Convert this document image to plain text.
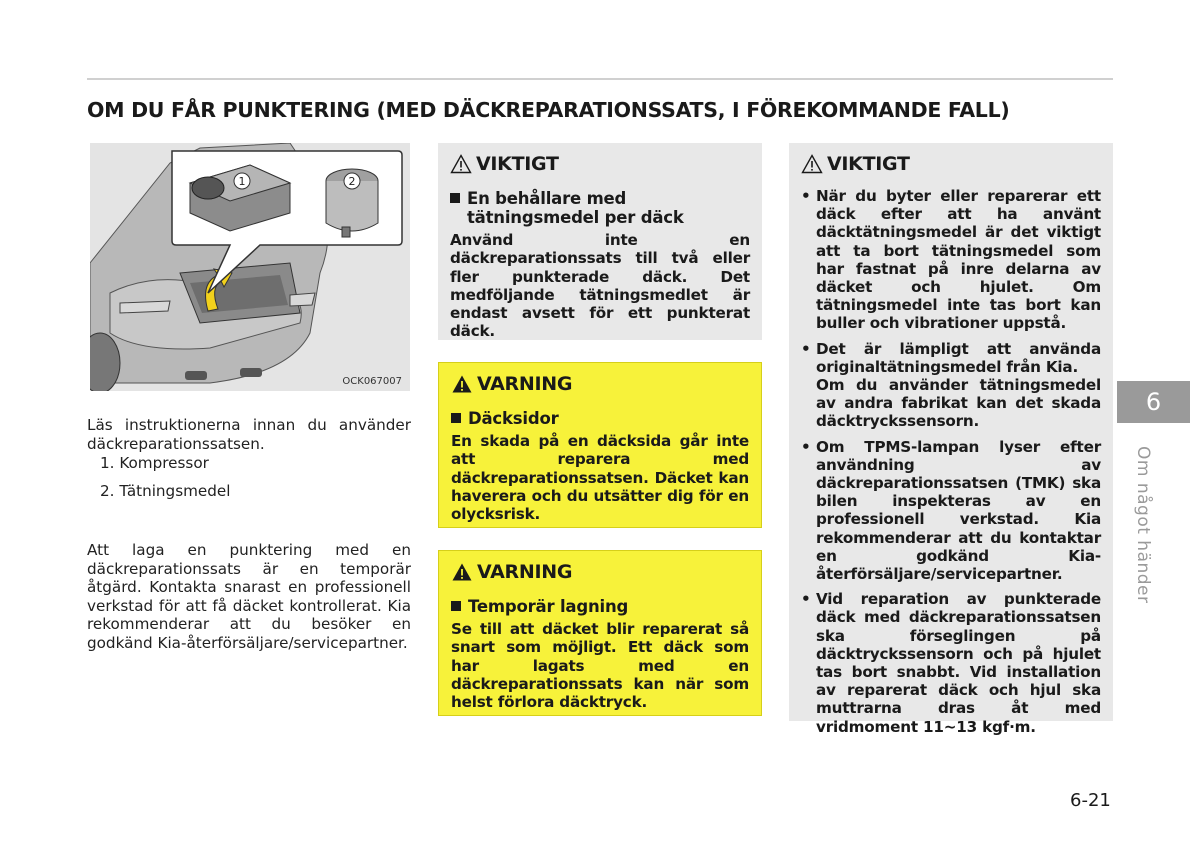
OM DU FÅR PUNKTERING (MED DÄCKREPARATIONSSATS, I FÖREKOMMANDE FALL)
1	2
OCK067007
Läs instruktionerna innan du använder däckreparationssatsen.
1. Kompressor
2. Tätningsmedel
Att laga en punktering med en däckreparationssats är en temporär åtgärd. Kontakta snarast en professionell verkstad för att få däcket kontrollerat. Kia rekommenderar att du besöker en godkänd Kia-återförsäljare/servicepartner.
VIKTIGT
En behållare med tätningsmedel per däck
Använd inte en däckreparationssats till två eller fler punkterade däck. Det medföljande tätningsmedlet är endast avsett för ett punkterat däck.
VARNING
Däcksidor
En skada på en däcksida går inte att reparera med däckreparationssatsen. Däcket kan haverera och du utsätter dig för en olycksrisk.
VARNING
Temporär lagning
Se till att däcket blir reparerat så snart som möjligt. Ett däck som har lagats med en däckreparationssats kan när som helst förlora däcktryck.
VIKTIGT
• När du byter eller reparerar ett däck efter att ha använt däcktätningsmedel är det viktigt att ta bort tätningsmedel som har fastnat på inre delarna av däcket och hjulet. Om tätningsmedel inte tas bort kan buller och vibrationer uppstå.
• Det är lämpligt att använda originaltätningsmedel från Kia.
Om du använder tätningsmedel av andra fabrikat kan det skada däcktryckssensorn.
• Om TPMS-lampan lyser efter användning av däckreparationssatsen (TMK) ska bilen inspekteras av en professionell verkstad. Kia rekommenderar att du kontaktar en godkänd Kia-återförsäljare/servicepartner.
• Vid reparation av punkterade däck med däckreparationssatsen ska förseglingen på däcktryckssensorn och på hjulet tas bort snabbt. Vid installation av reparerat däck och hjul ska muttrarna dras åt med vridmoment 11~13 kgf·m.
6
Om något händer
6-21
